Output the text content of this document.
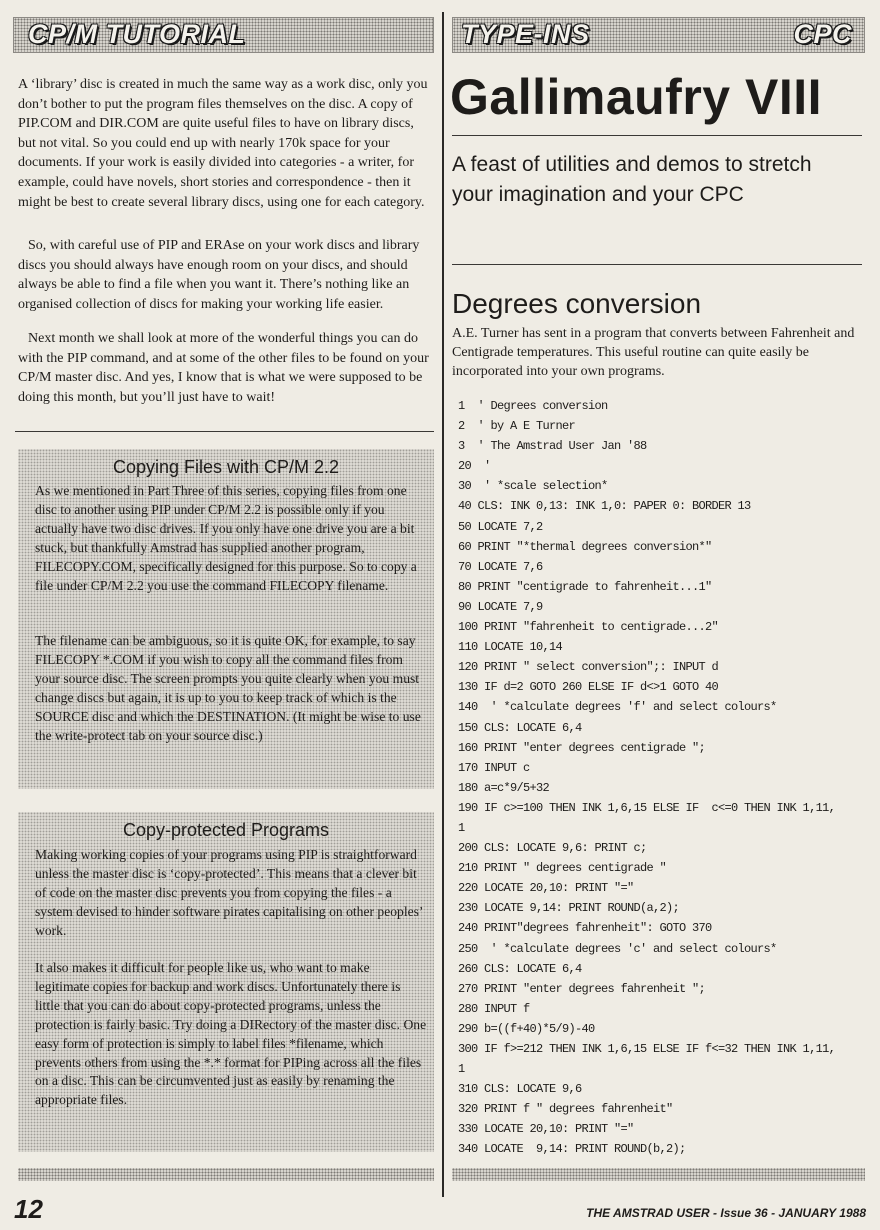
CP/M TUTORIAL	TYPE-INS	CPC

A ‘library’ disc is created in much the same way as a work disc, only you don’t bother to put the program files themselves on the disc. A copy of PIP.COM and DIR.COM are quite useful files to have on library discs, but not vital. So you could end up with nearly 170k space for your documents. If your work is easily divided into categories - a writer, for example, could have novels, short stories and correspondence - then it might be best to create several library discs, using one for each category.

So, with careful use of PIP and ERAse on your work discs and library discs you should always have enough room on your discs, and should always be able to find a file when you want it. There’s nothing like an organised collection of discs for making your working life easier.

Next month we shall look at more of the wonderful things you can do with the PIP command, and at some of the other files to be found on your CP/M master disc. And yes, I know that is what we were supposed to be doing this month, but you’ll just have to wait!

Copying Files with CP/M 2.2

As we mentioned in Part Three of this series, copying files from one disc to another using PIP under CP/M 2.2 is possible only if you actually have two disc drives. If you only have one drive you are a bit stuck, but thankfully Amstrad has supplied another program, FILECOPY.COM, specifically designed for this purpose. So to copy a file under CP/M 2.2 you use the command FILECOPY filename.

The filename can be ambiguous, so it is quite OK, for example, to say FILECOPY *.COM if you wish to copy all the command files from your source disc. The screen prompts you quite clearly when you must change discs but again, it is up to you to keep track of which is the SOURCE disc and which the DESTINATION. (It might be wise to use the write-protect tab on your source disc.)

Copy-protected Programs

Making working copies of your programs using PIP is straightforward unless the master disc is ‘copy-protected’. This means that a clever bit of code on the master disc prevents you from copying the files - a system devised to hinder software pirates capitalising on other peoples’ work.

It also makes it difficult for people like us, who want to make legitimate copies for backup and work discs. Unfortunately there is little that you can do about copy-protected programs, unless the protection is fairly basic. Try doing a DIRectory of the master disc. One easy form of protection is simply to label files *filename, which prevents others from using the *.* format for PIPing across all the files on a disc. This can be circumvented just as easily by renaming the appropriate files.

Gallimaufry VIII
A feast of utilities and demos to stretch your imagination and your CPC
Degrees conversion

A.E. Turner has sent in a program that converts between Fahrenheit and Centigrade temperatures. This useful routine can quite easily be incorporated into your own programs.

1  ' Degrees conversion
2  ' by A E Turner
3  ' The Amstrad User Jan '88
20  '
30  ' *scale selection*
40 CLS: INK 0,13: INK 1,0: PAPER 0: BORDER 13
50 LOCATE 7,2
60 PRINT "*thermal degrees conversion*"
70 LOCATE 7,6
80 PRINT "centigrade to fahrenheit...1"
90 LOCATE 7,9
100 PRINT "fahrenheit to centigrade...2"
110 LOCATE 10,14
120 PRINT " select conversion";: INPUT d
130 IF d=2 GOTO 260 ELSE IF d<>1 GOTO 40
140  ' *calculate degrees 'f' and select colours*
150 CLS: LOCATE 6,4
160 PRINT "enter degrees centigrade ";
170 INPUT c
180 a=c*9/5+32
190 IF c>=100 THEN INK 1,6,15 ELSE IF  c<=0 THEN INK 1,11,
1
200 CLS: LOCATE 9,6: PRINT c;
210 PRINT " degrees centigrade "
220 LOCATE 20,10: PRINT "="
230 LOCATE 9,14: PRINT ROUND(a,2);
240 PRINT"degrees fahrenheit": GOTO 370
250  ' *calculate degrees 'c' and select colours*
260 CLS: LOCATE 6,4
270 PRINT "enter degrees fahrenheit ";
280 INPUT f
290 b=((f+40)*5/9)-40
300 IF f>=212 THEN INK 1,6,15 ELSE IF f<=32 THEN INK 1,11,
1
310 CLS: LOCATE 9,6
320 PRINT f " degrees fahrenheit"
330 LOCATE 20,10: PRINT "="
340 LOCATE  9,14: PRINT ROUND(b,2);
12	THE AMSTRAD USER - Issue 36 - JANUARY 1988
